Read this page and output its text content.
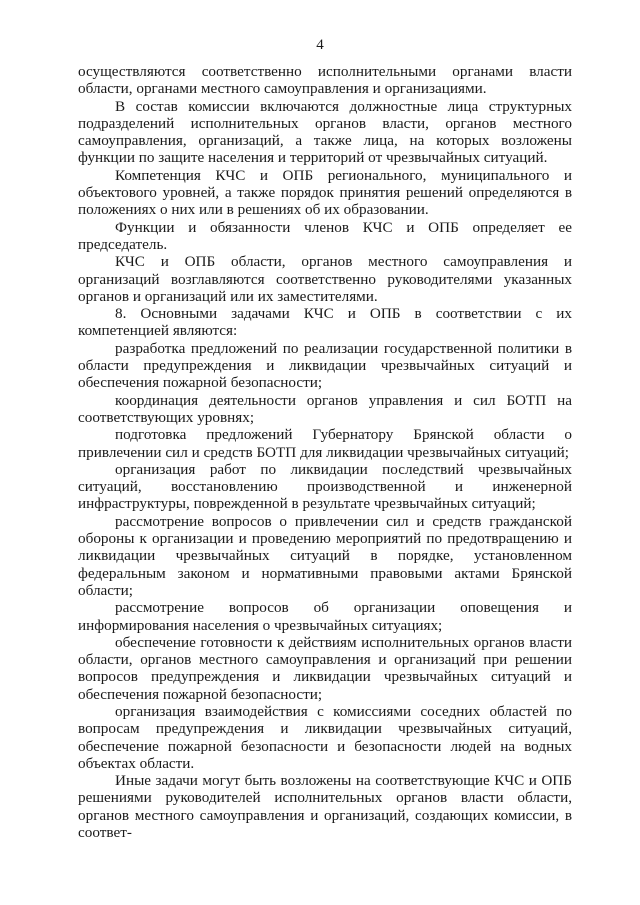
4

осуществляются соответственно исполнительными органами власти области, органами местного самоуправления и организациями.

В состав комиссии включаются должностные лица структурных подразделений исполнительных органов власти, органов местного самоуправления, организаций, а также лица, на которых возложены функции по защите населения и территорий от чрезвычайных ситуаций.

Компетенция КЧС и ОПБ регионального, муниципального и объектового уровней, а также порядок принятия решений определяются в положениях о них или в решениях об их образовании.

Функции и обязанности членов КЧС и ОПБ определяет ее председатель.

КЧС и ОПБ области, органов местного самоуправления и организаций возглавляются соответственно руководителями указанных органов и организаций или их заместителями.

8. Основными задачами КЧС и ОПБ в соответствии с их компетенцией являются:

разработка предложений по реализации государственной политики в области предупреждения и ликвидации чрезвычайных ситуаций и обеспечения пожарной безопасности;

координация деятельности органов управления и сил БОТП на соответствующих уровнях;

подготовка предложений Губернатору Брянской области о привлечении сил и средств БОТП для ликвидации чрезвычайных ситуаций;

организация работ по ликвидации последствий чрезвычайных ситуаций, восстановлению производственной и инженерной инфраструктуры, поврежденной в результате чрезвычайных ситуаций;

рассмотрение вопросов о привлечении сил и средств гражданской обороны к организации и проведению мероприятий по предотвращению и ликвидации чрезвычайных ситуаций в порядке, установленном федеральным законом и нормативными правовыми актами Брянской области;

рассмотрение вопросов об организации оповещения и информирования населения о чрезвычайных ситуациях;

обеспечение готовности к действиям исполнительных органов власти области, органов местного самоуправления и организаций при решении вопросов предупреждения и ликвидации чрезвычайных ситуаций и обеспечения пожарной безопасности;

организация взаимодействия с комиссиями соседних областей по вопросам предупреждения и ликвидации чрезвычайных ситуаций, обеспечение пожарной безопасности и безопасности людей на водных объектах области.

Иные задачи могут быть возложены на соответствующие КЧС и ОПБ решениями руководителей исполнительных органов власти области, органов местного самоуправления и организаций, создающих комиссии, в соответ-
